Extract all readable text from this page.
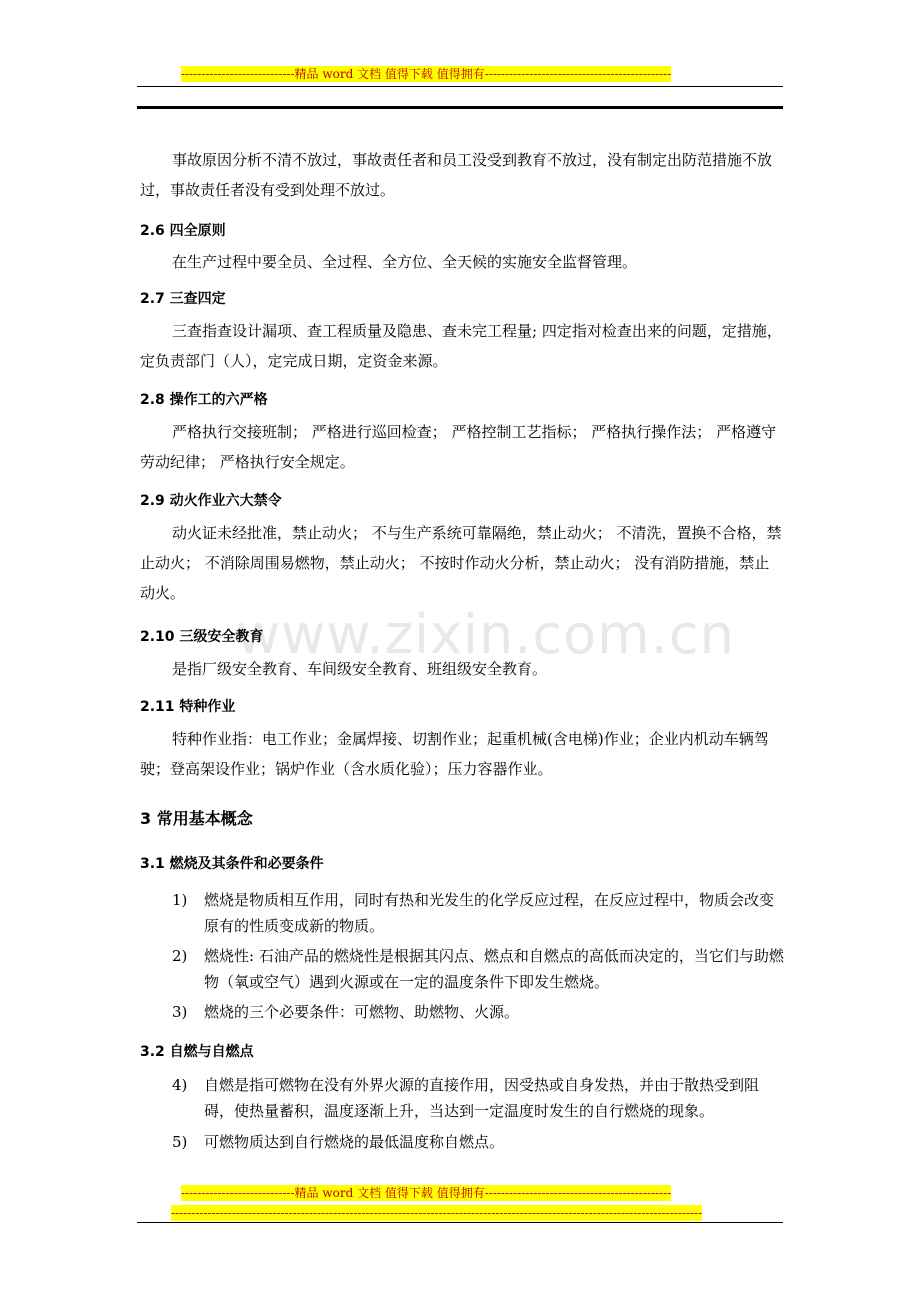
----------------------------精品 word 文档 值得下载 值得拥有----------------------------------------------
www.zixin.com.cn

事故原因分析不清不放过，事故责任者和员工没受到教育不放过，没有制定出防范措施不放过，事故责任者没有受到处理不放过。

2.6 四全原则

在生产过程中要全员、全过程、全方位、全天候的实施安全监督管理。

2.7 三查四定

三查指查设计漏项、查工程质量及隐患、查未完工程量; 四定指对检查出来的问题，定措施，定负责部门（人），定完成日期，定资金来源。

2.8 操作工的六严格

严格执行交接班制； 严格进行巡回检查； 严格控制工艺指标； 严格执行操作法； 严格遵守劳动纪律； 严格执行安全规定。

2.9 动火作业六大禁令

动火证未经批准，禁止动火； 不与生产系统可靠隔绝，禁止动火； 不清洗，置换不合格，禁止动火； 不消除周围易燃物，禁止动火； 不按时作动火分析，禁止动火； 没有消防措施，禁止动火。

2.10 三级安全教育

是指厂级安全教育、车间级安全教育、班组级安全教育。

2.11 特种作业

特种作业指：电工作业；金属焊接、切割作业；起重机械(含电梯)作业；企业内机动车辆驾驶；登高架设作业；锅炉作业（含水质化验）；压力容器作业。

3 常用基本概念
3.1 燃烧及其条件和必要条件
1) 燃烧是物质相互作用，同时有热和光发生的化学反应过程，在反应过程中，物质会改变原有的性质变成新的物质。
2) 燃烧性: 石油产品的燃烧性是根据其闪点、燃点和自燃点的高低而决定的，当它们与助燃物（氧或空气）遇到火源或在一定的温度条件下即发生燃烧。
3) 燃烧的三个必要条件：可燃物、助燃物、火源。
3.2 自燃与自燃点
4) 自燃是指可燃物在没有外界火源的直接作用，因受热或自身发热，并由于散热受到阻碍，使热量蓄积，温度逐渐上升，当达到一定温度时发生的自行燃烧的现象。
5) 可燃物质达到自行燃烧的最低温度称自燃点。
----------------------------精品 word 文档 值得下载 值得拥有----------------------------------------------
-----------------------------------------------------------------------------------------------------------------------------------
